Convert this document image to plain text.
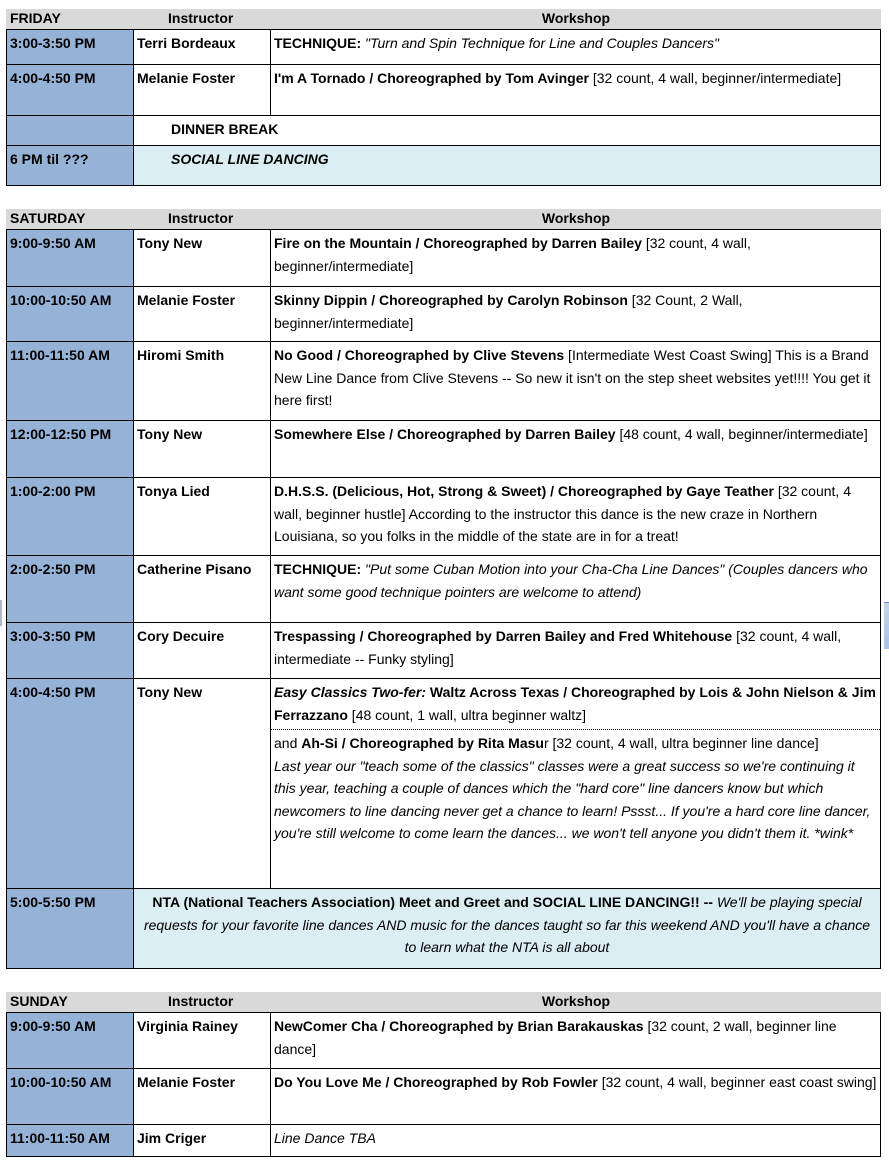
FRIDAY	Instructor	Workshop
3:00-3:50 PM	Terri Bordeaux	TECHNIQUE: "Turn and Spin Technique for Line and Couples Dancers"
4:00-4:50 PM	Melanie Foster	I'm A Tornado / Choreographed by Tom Avinger [32 count, 4 wall, beginner/intermediate]
	DINNER BREAK	
6 PM til ???	SOCIAL LINE DANCING	
SATURDAY	Instructor	Workshop
9:00-9:50 AM	Tony New	Fire on the Mountain / Choreographed by Darren Bailey [32 count, 4 wall, beginner/intermediate]
10:00-10:50 AM	Melanie Foster	Skinny Dippin / Choreographed by Carolyn Robinson [32 Count, 2 Wall, beginner/intermediate]
11:00-11:50 AM	Hiromi Smith	No Good / Choreographed by Clive Stevens [Intermediate West Coast Swing] This is a Brand New Line Dance from Clive Stevens -- So new it isn't on the step sheet websites yet!!!! You get it here first!
12:00-12:50 PM	Tony New	Somewhere Else / Choreographed by Darren Bailey [48 count, 4 wall, beginner/intermediate]
1:00-2:00 PM	Tonya Lied	D.H.S.S. (Delicious, Hot, Strong & Sweet) / Choreographed by Gaye Teather [32 count, 4 wall, beginner hustle] According to the instructor this dance is the new craze in Northern Louisiana, so you folks in the middle of the state are in for a treat!
2:00-2:50 PM	Catherine Pisano	TECHNIQUE: "Put some Cuban Motion into your Cha-Cha Line Dances" (Couples dancers who want some good technique pointers are welcome to attend)
3:00-3:50 PM	Cory Decuire	Trespassing / Choreographed by Darren Bailey and Fred Whitehouse [32 count, 4 wall, intermediate -- Funky styling]
4:00-4:50 PM	Tony New	Easy Classics Two-fer: Waltz Across Texas / Choreographed by Lois & John Nielson & Jim Ferrazzano [48 count, 1 wall, ultra beginner waltz]
and Ah-Si / Choreographed by Rita Masur [32 count, 4 wall, ultra beginner line dance]
Last year our "teach some of the classics" classes were a great success so we're continuing it this year, teaching a couple of dances which the "hard core" line dancers know but which newcomers to line dancing never get a chance to learn! Pssst... If you're a hard core line dancer, you're still welcome to come learn the dances... we won't tell anyone you didn't them it. *wink*

5:00-5:50 PM	NTA (National Teachers Association) Meet and Greet and SOCIAL LINE DANCING!! -- We'll be playing special requests for your favorite line dances AND music for the dances taught so far this weekend AND you'll have a chance to learn what the NTA is all about	
SUNDAY	Instructor	Workshop
9:00-9:50 AM	Virginia Rainey	NewComer Cha / Choreographed by Brian Barakauskas [32 count, 2 wall, beginner line dance]
10:00-10:50 AM	Melanie Foster	Do You Love Me / Choreographed by Rob Fowler [32 count, 4 wall, beginner east coast swing]
11:00-11:50 AM	Jim Criger	Line Dance TBA
